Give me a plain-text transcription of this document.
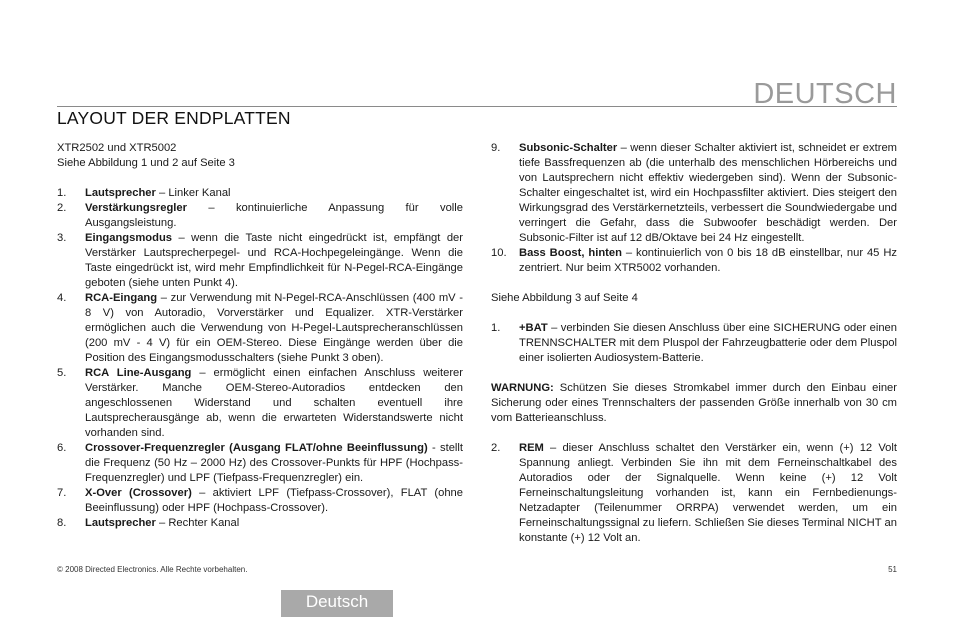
DEUTSCH
LAYOUT DER ENDPLATTEN
XTR2502 und XTR5002
Siehe Abbildung 1 und 2 auf Seite 3
1.	Lautsprecher – Linker Kanal
2.	Verstärkungsregler – kontinuierliche Anpassung für volle Ausgangsleistung.
3.	Eingangsmodus – wenn die Taste nicht eingedrückt ist, empfängt der Verstärker Lautsprecherpegel- und RCA-Hochpegeleingänge. Wenn die Taste eingedrückt ist, wird mehr Empfindlichkeit für N-Pegel-RCA-Eingänge geboten (siehe unten Punkt 4).
4.	RCA-Eingang – zur Verwendung mit N-Pegel-RCA-Anschlüssen (400 mV - 8 V) von Autoradio, Vorverstärker und Equalizer. XTR-Verstärker ermöglichen auch die Verwendung von H-Pegel-Lautsprecheranschlüssen (200 mV - 4 V) für ein OEM-Stereo. Diese Eingänge werden über die Position des Eingangsmodusschalters (siehe Punkt 3 oben).
5.	RCA Line-Ausgang – ermöglicht einen einfachen Anschluss weiterer Verstärker. Manche OEM-Stereo-Autoradios entdecken den angeschlossenen Widerstand und schalten eventuell ihre Lautsprecherausgänge ab, wenn die erwarteten Widerstandswerte nicht vorhanden sind.
6.	Crossover-Frequenzregler (Ausgang FLAT/ohne Beeinflussung) - stellt die Frequenz (50 Hz – 2000 Hz) des Crossover-Punkts für HPF (Hochpass-Frequenzregler) und LPF (Tiefpass-Frequenzregler) ein.
7.	X-Over (Crossover) – aktiviert LPF (Tiefpass-Crossover), FLAT (ohne Beeinflussung) oder HPF (Hochpass-Crossover).
8.	Lautsprecher – Rechter Kanal
9.	Subsonic-Schalter – wenn dieser Schalter aktiviert ist, schneidet er extrem tiefe Bassfrequenzen ab (die unterhalb des menschlichen Hörbereichs und von Lautsprechern nicht effektiv wiedergeben sind). Wenn der Subsonic-Schalter eingeschaltet ist, wird ein Hochpassfilter aktiviert. Dies steigert den Wirkungsgrad des Verstärkernetzteils, verbessert die Soundwiedergabe und verringert die Gefahr, dass die Subwoofer beschädigt werden. Der Subsonic-Filter ist auf 12 dB/Oktave bei 24 Hz eingestellt.
10.	Bass Boost, hinten – kontinuierlich von 0 bis 18 dB einstellbar, nur 45 Hz zentriert. Nur beim XTR5002 vorhanden.
Siehe Abbildung 3 auf Seite 4
1.	+BAT – verbinden Sie diesen Anschluss über eine SICHERUNG oder einen TRENNSCHALTER mit dem Pluspol der Fahrzeugbatterie oder dem Pluspol einer isolierten Audiosystem-Batterie.
WARNUNG: Schützen Sie dieses Stromkabel immer durch den Einbau einer Sicherung oder eines Trennschalters der passenden Größe innerhalb von 30 cm vom Batterieanschluss.
2.	REM – dieser Anschluss schaltet den Verstärker ein, wenn (+) 12 Volt Spannung anliegt. Verbinden Sie ihn mit dem Ferneinschaltkabel des Autoradios oder der Signalquelle. Wenn keine (+) 12 Volt Ferneinschaltungsleitung vorhanden ist, kann ein Fernbedienungs-Netzadapter (Teilenummer ORRPA) verwendet werden, um ein Ferneinschaltungssignal zu liefern. Schließen Sie dieses Terminal NICHT an konstante (+) 12 Volt an.
© 2008 Directed Electronics. Alle Rechte vorbehalten.	51
Deutsch
